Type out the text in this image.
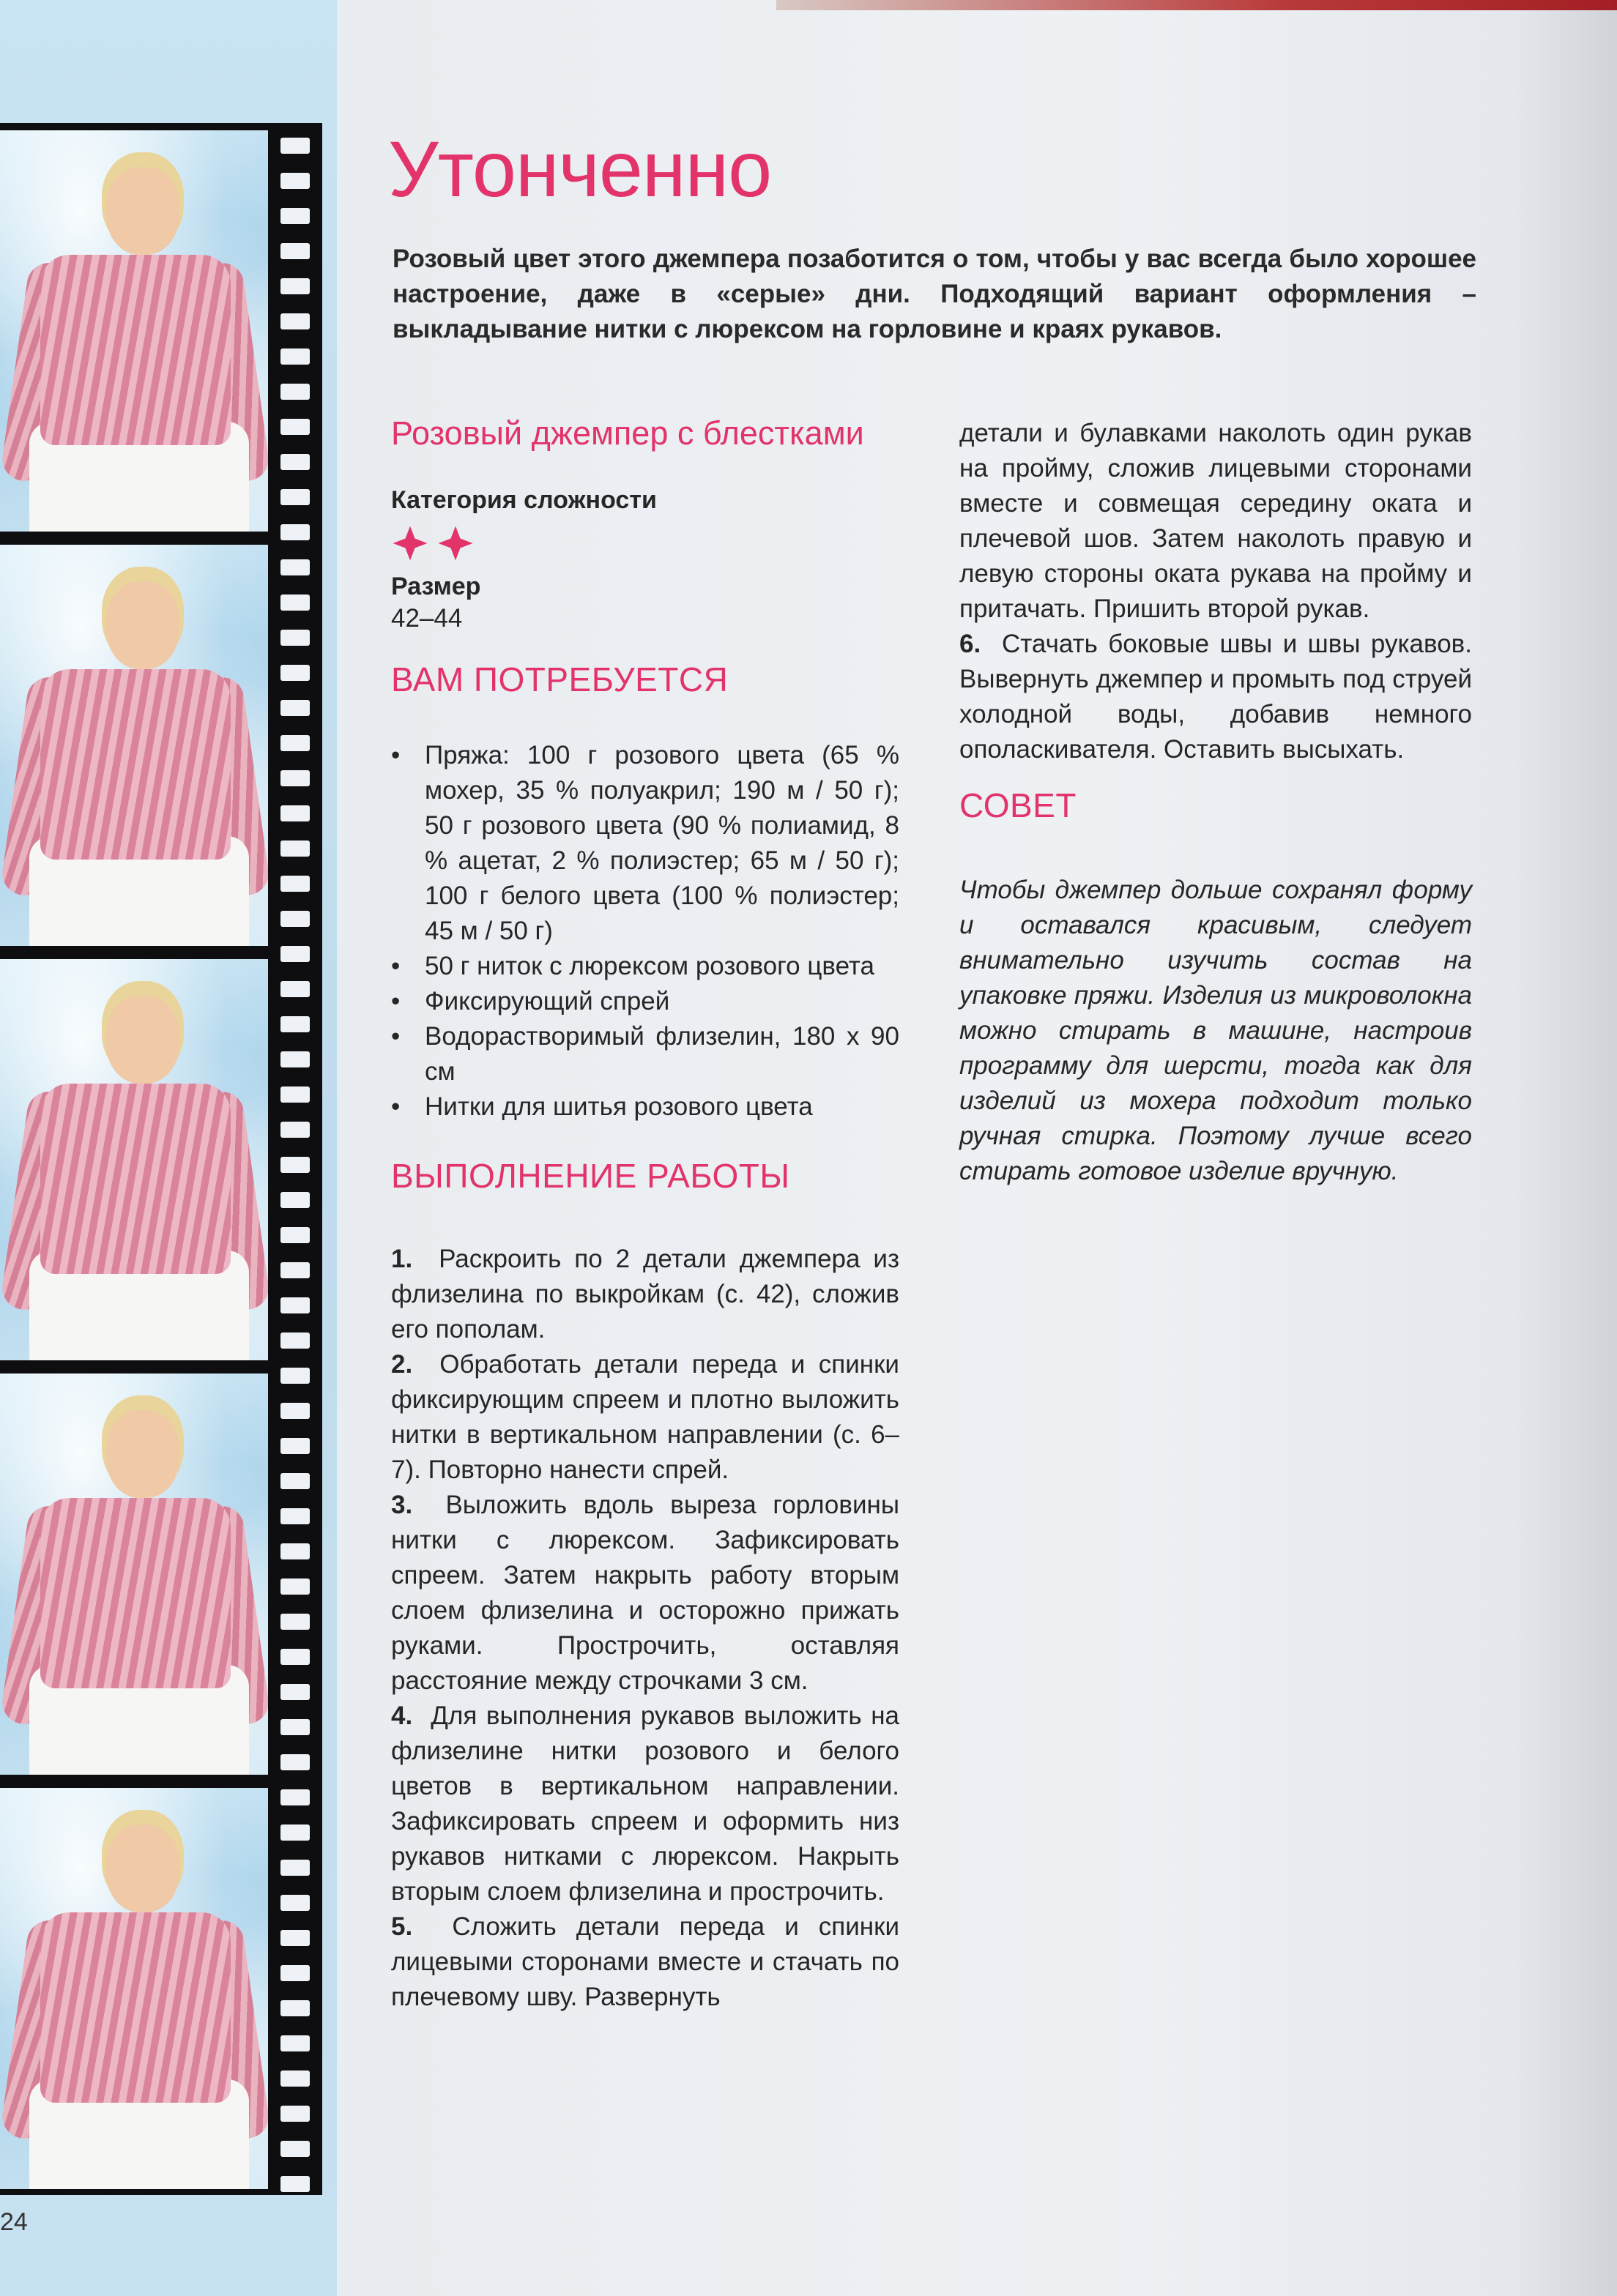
24
Утонченно

Розовый цвет этого джемпера позаботится о том, чтобы у вас всегда было хорошее настроение, даже в «серые» дни. Подходящий вариант оформления – выкладывание нитки с люрексом на горловине и краях рукавов.

Розовый джемпер с блестками
Категория сложности
Размер
42–44
ВАМ ПОТРЕБУЕТСЯ
• Пряжа: 100 г розового цвета (65 % мохер, 35 % полуакрил; 190 м / 50 г); 50 г розового цвета (90 % полиамид, 8 % ацетат, 2 % полиэстер; 65 м / 50 г); 100 г белого цвета (100 % полиэстер; 45 м / 50 г)
• 50 г ниток с люрексом розового цвета
• Фиксирующий спрей
• Водорастворимый флизелин, 180 x 90 см
• Нитки для шитья розового цвета
ВЫПОЛНЕНИЕ РАБОТЫ

1. Раскроить по 2 детали джемпера из флизелина по выкройкам (с. 42), сложив его пополам.

2. Обработать детали переда и спинки фиксирующим спреем и плотно выложить нитки в вертикальном направлении (с. 6–7). Повторно нанести спрей.

3. Выложить вдоль выреза горловины нитки с люрексом. Зафиксировать спреем. Затем накрыть работу вторым слоем флизелина и осторожно прижать руками. Прострочить, оставляя расстояние между строчками 3 см.

4. Для выполнения рукавов выложить на флизелине нитки розового и белого цветов в вертикальном направлении. Зафиксировать спреем и оформить низ рукавов нитками с люрексом. Накрыть вторым слоем флизелина и прострочить.

5. Сложить детали переда и спинки лицевыми сторонами вместе и стачать по плечевому шву. Развернуть

детали и булавками наколоть один рукав на пройму, сложив лицевыми сторонами вместе и совмещая середину оката и плечевой шов. Затем наколоть правую и левую стороны оката рукава на пройму и притачать. Пришить второй рукав.

6. Стачать боковые швы и швы рукавов. Вывернуть джемпер и промыть под струей холодной воды, добавив немного ополаскивателя. Оставить высыхать.

СОВЕТ

Чтобы джемпер дольше сохранял форму и оставался красивым, следует внимательно изучить состав на упаковке пряжи. Изделия из микроволокна можно стирать в машине, настроив программу для шерсти, тогда как для изделий из мохера подходит только ручная стирка. Поэтому лучше всего стирать готовое изделие вручную.
